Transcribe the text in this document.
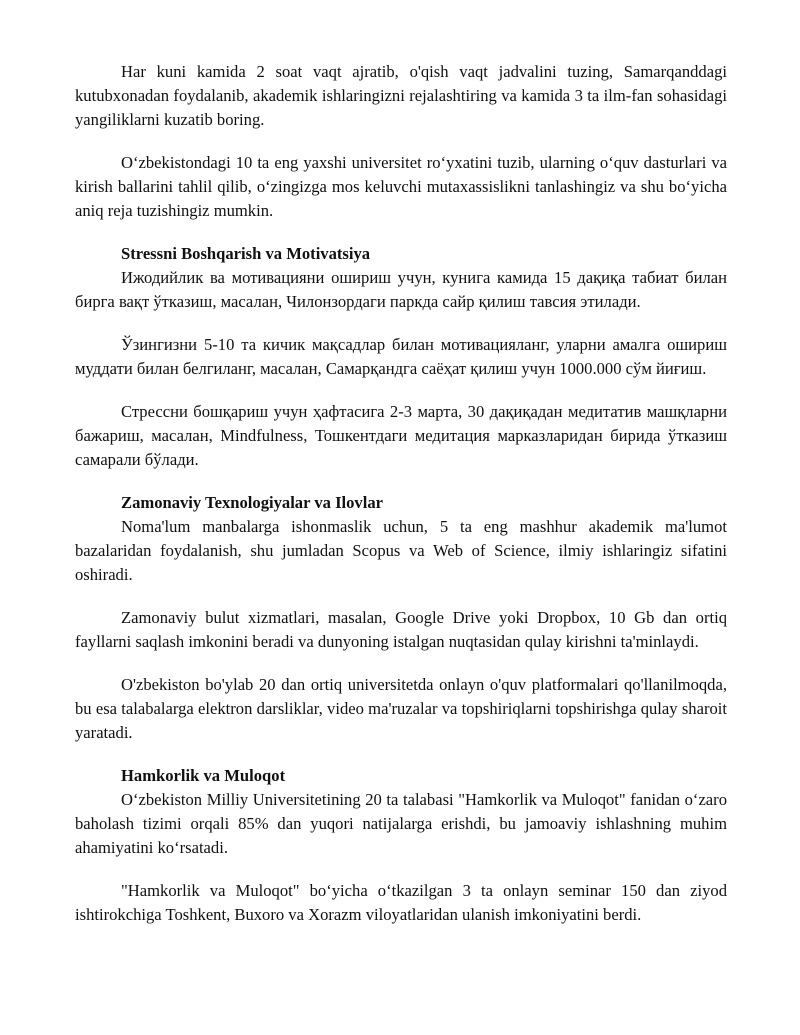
Har kuni kamida 2 soat vaqt ajratib, o'qish vaqt jadvalini tuzing, Samarqanddagi kutubxonadan foydalanib, akademik ishlaringizni rejalashtiring va kamida 3 ta ilm-fan sohasidagi yangiliklarni kuzatib boring.

Oʻzbekistondagi 10 ta eng yaxshi universitet roʻyxatini tuzib, ularning oʻquv dasturlari va kirish ballarini tahlil qilib, oʻzingizga mos keluvchi mutaxassislikni tanlashingiz va shu boʻyicha aniq reja tuzishingiz mumkin.

Stressni Boshqarish va Motivatsiya

Ижодийлик ва мотивацияни ошириш учун, кунига камида 15 дақиқа табиат билан бирга вақт ўтказиш, масалан, Чилонзордаги паркда сайр қилиш тавсия этилади.

Ўзингизни 5-10 та кичик мақсадлар билан мотивацияланг, уларни амалга ошириш муддати билан белгиланг, масалан, Самарқандга саёҳат қилиш учун 1000.000 сўм йиғиш.

Стрессни бошқариш учун ҳафтасига 2-3 марта, 30 дақиқадан медитатив машқларни бажариш, масалан, Mindfulness, Тошкентдаги медитация марказларидан бирида ўтказиш самарали бўлади.

Zamonaviy Texnologiyalar va Ilovlar

Noma'lum manbalarga ishonmaslik uchun, 5 ta eng mashhur akademik ma'lumot bazalaridan foydalanish, shu jumladan Scopus va Web of Science, ilmiy ishlaringiz sifatini oshiradi.

Zamonaviy bulut xizmatlari, masalan, Google Drive yoki Dropbox, 10 Gb dan ortiq fayllarni saqlash imkonini beradi va dunyoning istalgan nuqtasidan qulay kirishni ta'minlaydi.

O'zbekiston bo'ylab 20 dan ortiq universitetda onlayn o'quv platformalari qo'llanilmoqda, bu esa talabalarga elektron darsliklar, video ma'ruzalar va topshiriqlarni topshirishga qulay sharoit yaratadi.

Hamkorlik va Muloqot

Oʻzbekiston Milliy Universitetining 20 ta talabasi "Hamkorlik va Muloqot" fanidan oʻzaro baholash tizimi orqali 85% dan yuqori natijalarga erishdi, bu jamoaviy ishlashning muhim ahamiyatini koʻrsatadi.

"Hamkorlik va Muloqot" boʻyicha oʻtkazilgan 3 ta onlayn seminar 150 dan ziyod ishtirokchiga Toshkent, Buxoro va Xorazm viloyatlaridan ulanish imkoniyatini berdi.
